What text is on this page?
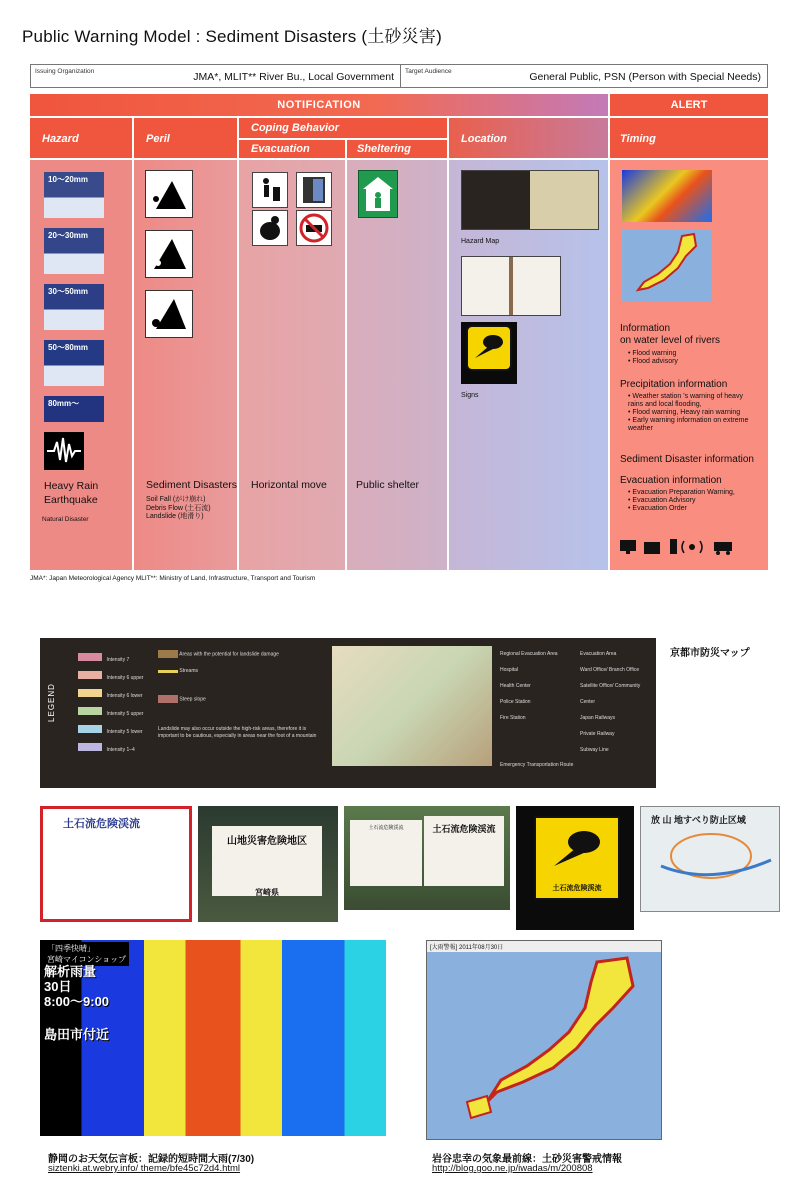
Public Warning Model : Sediment Disasters (土砂災害)
Issuing Organization	JMA*, MLIT** River Bu., Local Government Target Audience	General Public, PSN (Person with Special Needs)
NOTIFICATION	ALERT
Hazard	Peril
Coping Behavior
Evacuation	Sheltering
Location	Timing
10〜20mm
20〜30mm
30〜50mm
50〜80mm
80mm〜
Heavy Rain
Earthquake
Natural Disaster
Sediment Disasters
Soil Fall (がけ崩れ)
Debris Flow (土石流)
Landslide (地滑り)
Horizontal move	Public shelter
Hazard Map
Signs
Information
on water level of rivers
• Flood warning
• Flood advisory
Precipitation information
• Weather station 's warning of heavy rains and local flooding,
• Flood warning, Heavy rain warning
• Early warning information on extreme weather
Sediment Disaster information
Evacuation information
• Evacuation Preparation Warning,
• Evacuation Advisory
• Evacuation Order
JMA*: Japan Meteorological Agency MLIT**: Ministry of Land, Infrastructure, Transport and Tourism
LEGEND
Intensity 7
Intensity 6 upper
Intensity 6 lower
Intensity 5 upper
Intensity 5 lower
Intensity 1–4
Areas with the potential for landslide damage
Streams
Steep slope
Landslide may also occur outside the high-risk areas, therefore it is important to be cautious, especially in areas near the foot of a mountain
Regional Evacuation Area
Hospital
Health Center
Police Station
Fire Station
Evacuation Area
Ward Office/ Branch Office
Satellite Office/ Community Center
Japan Railways
Private Railway
Subway Line
Emergency Transportation Route
京都市防災マップ
土石流危険渓流
山地災害危険地区
宮崎県
土石流危険渓流	土石流危険渓流
土石流危険渓流
放 山 地すべり防止区域
「四季快晴」
宮崎マイコンショップ
解析雨量
30日
8:00〜9:00
島田市付近
[大雨警報] 2011年08月30日
静岡のお天気伝言板：記録的短時間大雨(7/30)
siztenki.at.webry.info/ theme/bfe45c72d4.html
岩谷忠幸の気象最前線：土砂災害警戒情報
http://blog.goo.ne.jp/iwadas/m/200808
